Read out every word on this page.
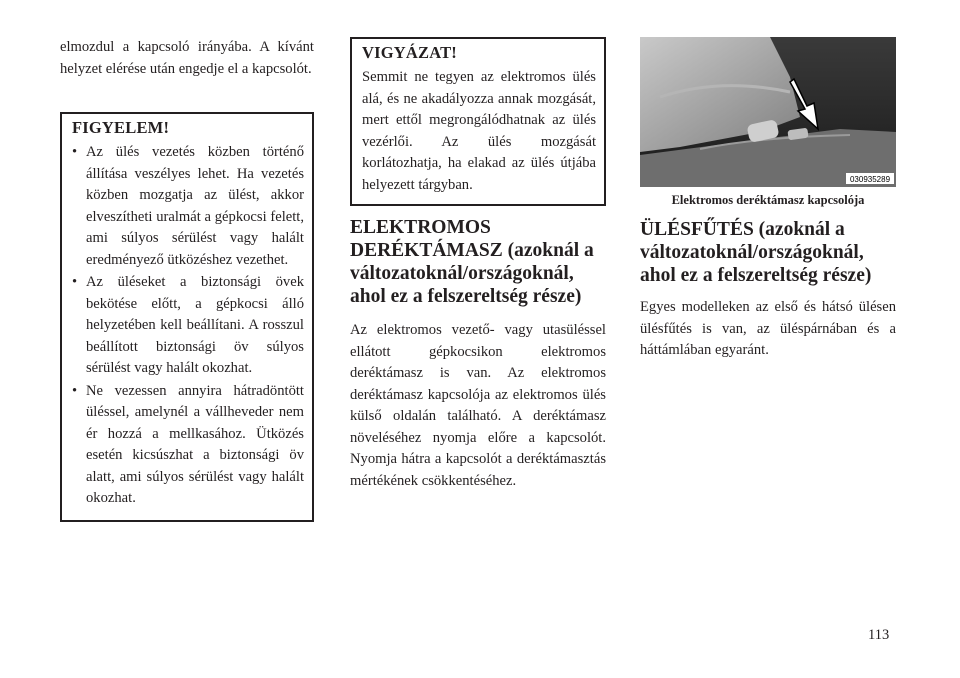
elmozdul a kapcsoló irányába. A kívánt helyzet elérése után engedje el a kapcsolót.

FIGYELEM!
• Az ülés vezetés közben történő állítása veszélyes lehet. Ha vezetés közben mozgatja az ülést, akkor elveszítheti uralmát a gépkocsi felett, ami súlyos sérülést vagy halált eredményező ütközéshez vezethet.
• Az üléseket a biztonsági övek bekötése előtt, a gépkocsi álló helyzetében kell beállítani. A rosszul beállított biztonsági öv súlyos sérülést vagy halált okozhat.
• Ne vezessen annyira hátradöntött üléssel, amelynél a vállheveder nem ér hozzá a mellkasához. Ütközés esetén kicsúszhat a biztonsági öv alatt, ami súlyos sérülést vagy halált okozhat.
VIGYÁZAT!

Semmit ne tegyen az elektromos ülés alá, és ne akadályozza annak mozgását, mert ettől megrongálódhatnak az ülés vezérlői. Az ülés mozgását korlátozhatja, ha elakad az ülés útjába helyezett tárgyban.

ELEKTROMOS
DERÉKTÁMASZ (azoknál a változatoknál/országoknál, ahol ez a felszereltség része)

Az elektromos vezető- vagy utasüléssel ellátott gépkocsikon elektromos deréktámasz is van. Az elektromos deréktámasz kapcsolója az elektromos ülés külső oldalán található. A deréktámasz növeléséhez nyomja előre a kapcsolót. Nyomja hátra a kapcsolót a deréktámasztás mértékének csökkentéséhez.

030935289
Elektromos deréktámasz kapcsolója
ÜLÉSFŰTÉS (azoknál a változatoknál/országoknál, ahol ez a felszereltség része)

Egyes modelleken az első és hátsó ülésen ülésfűtés is van, az üléspárnában és a háttámlában egyaránt.

113
